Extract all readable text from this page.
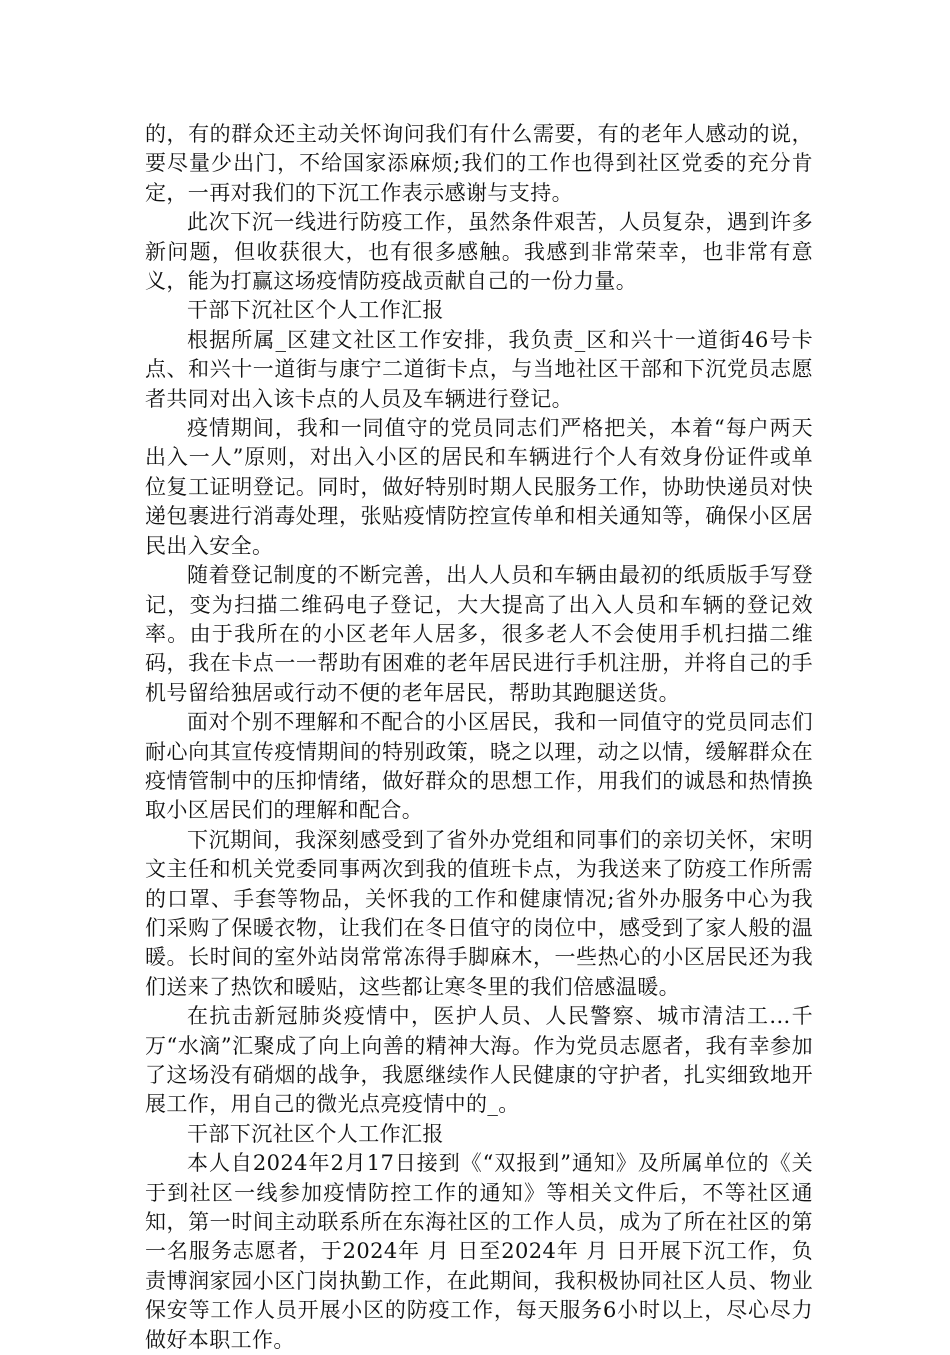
的，有的群众还主动关怀询问我们有什么需要，有的老年人感动的说，要尽量少出门，不给国家添麻烦;我们的工作也得到社区党委的充分肯定，一再对我们的下沉工作表示感谢与支持。

此次下沉一线进行防疫工作，虽然条件艰苦，人员复杂，遇到许多新问题，但收获很大，也有很多感触。我感到非常荣幸，也非常有意义，能为打赢这场疫情防疫战贡献自己的一份力量。

干部下沉社区个人工作汇报

根据所属_区建文社区工作安排，我负责_区和兴十一道街46号卡点、和兴十一道街与康宁二道街卡点，与当地社区干部和下沉党员志愿者共同对出入该卡点的人员及车辆进行登记。

疫情期间，我和一同值守的党员同志们严格把关，本着“每户两天出入一人”原则，对出入小区的居民和车辆进行个人有效身份证件或单位复工证明登记。同时，做好特别时期人民服务工作，协助快递员对快递包裹进行消毒处理，张贴疫情防控宣传单和相关通知等，确保小区居民出入安全。

随着登记制度的不断完善，出人人员和车辆由最初的纸质版手写登记，变为扫描二维码电子登记，大大提高了出入人员和车辆的登记效率。由于我所在的小区老年人居多，很多老人不会使用手机扫描二维码，我在卡点一一帮助有困难的老年居民进行手机注册，并将自己的手机号留给独居或行动不便的老年居民，帮助其跑腿送货。

面对个别不理解和不配合的小区居民，我和一同值守的党员同志们耐心向其宣传疫情期间的特别政策，晓之以理，动之以情，缓解群众在疫情管制中的压抑情绪，做好群众的思想工作，用我们的诚恳和热情换取小区居民们的理解和配合。

下沉期间，我深刻感受到了省外办党组和同事们的亲切关怀，宋明文主任和机关党委同事两次到我的值班卡点，为我送来了防疫工作所需的口罩、手套等物品，关怀我的工作和健康情况;省外办服务中心为我们采购了保暖衣物，让我们在冬日值守的岗位中，感受到了家人般的温暖。长时间的室外站岗常常冻得手脚麻木，一些热心的小区居民还为我们送来了热饮和暖贴，这些都让寒冬里的我们倍感温暖。

在抗击新冠肺炎疫情中，医护人员、人民警察、城市清洁工...千万“水滴”汇聚成了向上向善的精神大海。作为党员志愿者，我有幸参加了这场没有硝烟的战争，我愿继续作人民健康的守护者，扎实细致地开展工作，用自己的微光点亮疫情中的_。

干部下沉社区个人工作汇报

本人自2024年2月17日接到《“双报到”通知》及所属单位的《关于到社区一线参加疫情防控工作的通知》等相关文件后，不等社区通知，第一时间主动联系所在东海社区的工作人员，成为了所在社区的第一名服务志愿者，于2024年 月 日至2024年 月 日开展下沉工作，负责博润家园小区门岗执勤工作，在此期间，我积极协同社区人员、物业保安等工作人员开展小区的防疫工作，每天服务6小时以上，尽心尽力做好本职工作。
